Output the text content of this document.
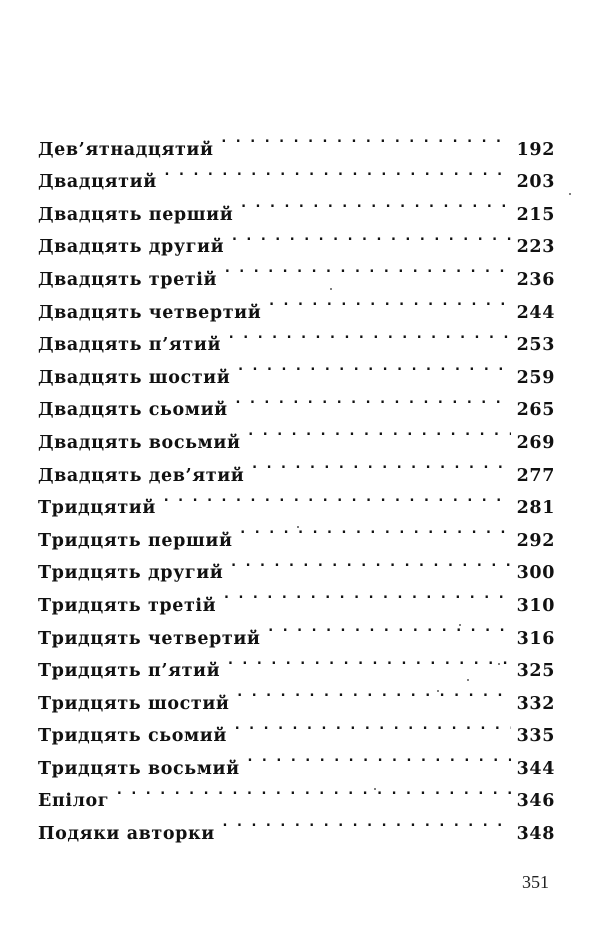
Дев’ятнадцятий . . .	192
Двадцятий . . .	203
Двадцять перший . . .	215
Двадцять другий . . .	223
Двадцять третій . . .	236
Двадцять четвертий . . .	244
Двадцять п’ятий . . .	253
Двадцять шостий . . .	259
Двадцять сьомий . . .	265
Двадцять восьмий . . .	269
Двадцять дев’ятий . . .	277
Тридцятий . . .	281
Тридцять перший . . .	292
Тридцять другий . . .	300
Тридцять третій . . .	310
Тридцять четвертий . . .	316
Тридцять п’ятий . . .	325
Тридцять шостий . . .	332
Тридцять сьомий . . .	335
Тридцять восьмий . . .	344
Епілог . . .	346
Подяки авторки . . .	348
351
